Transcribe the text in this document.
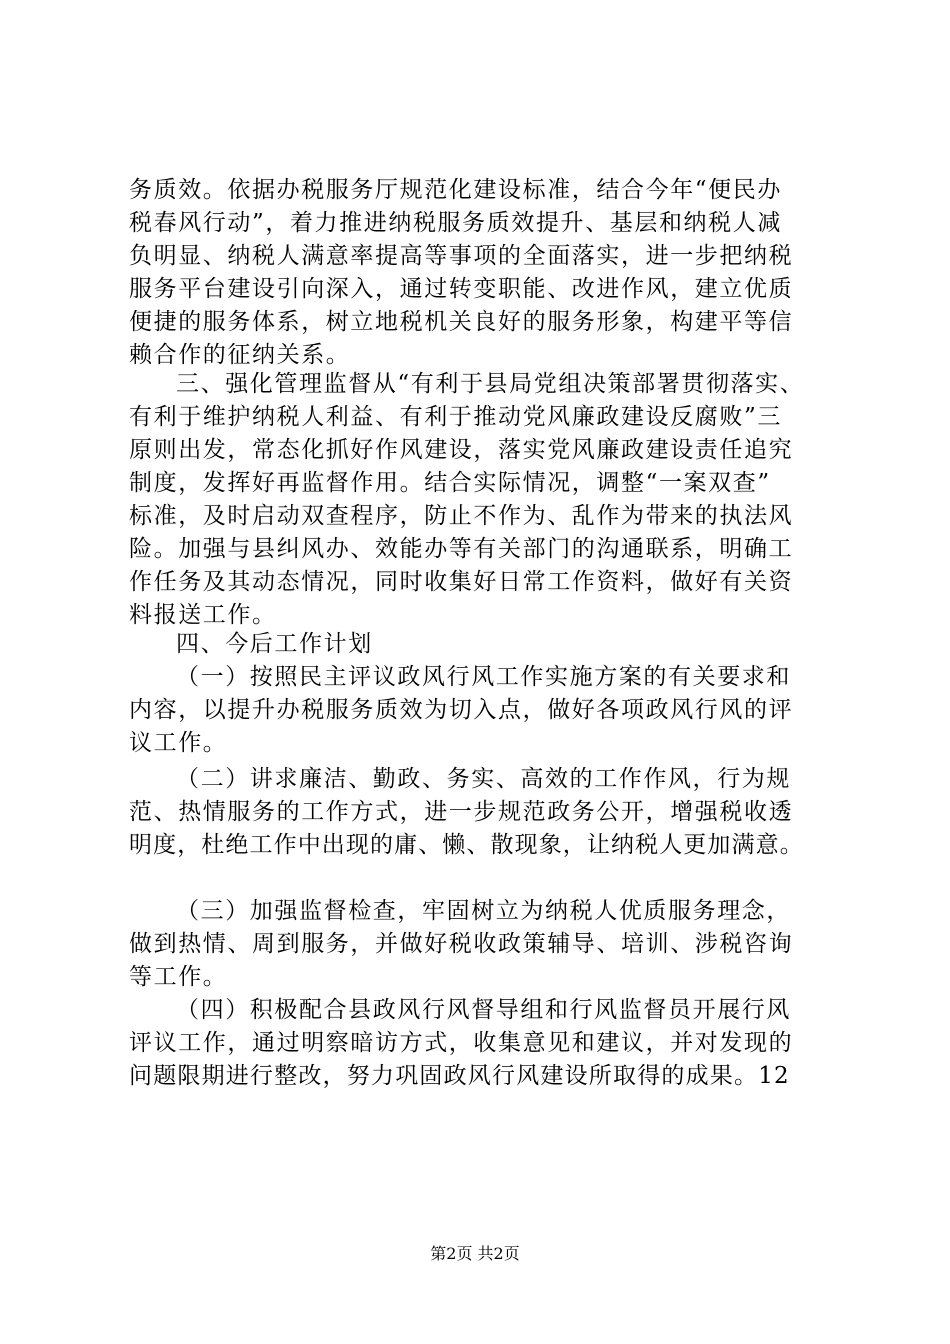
务质效。依据办税服务厅规范化建设标准，结合今年“便民办
税春风行动”，着力推进纳税服务质效提升、基层和纳税人减
负明显、纳税人满意率提高等事项的全面落实，进一步把纳税
服务平台建设引向深入，通过转变职能、改进作风，建立优质
便捷的服务体系，树立地税机关良好的服务形象，构建平等信
赖合作的征纳关系。
三、强化管理监督从“有利于县局党组决策部署贯彻落实、
有利于维护纳税人利益、有利于推动党风廉政建设反腐败”三
原则出发，常态化抓好作风建设，落实党风廉政建设责任追究
制度，发挥好再监督作用。结合实际情况，调整“一案双查”
标准，及时启动双查程序，防止不作为、乱作为带来的执法风
险。加强与县纠风办、效能办等有关部门的沟通联系，明确工
作任务及其动态情况，同时收集好日常工作资料，做好有关资
料报送工作。
四、今后工作计划
（一）按照民主评议政风行风工作实施方案的有关要求和
内容，以提升办税服务质效为切入点，做好各项政风行风的评
议工作。
（二）讲求廉洁、勤政、务实、高效的工作作风，行为规
范、热情服务的工作方式，进一步规范政务公开，增强税收透
明度，杜绝工作中出现的庸、懒、散现象，让纳税人更加满意。
（三）加强监督检查，牢固树立为纳税人优质服务理念，
做到热情、周到服务，并做好税收政策辅导、培训、涉税咨询
等工作。
（四）积极配合县政风行风督导组和行风监督员开展行风
评议工作，通过明察暗访方式，收集意见和建议，并对发现的
问题限期进行整改，努力巩固政风行风建设所取得的成果。12
第2页 共2页
